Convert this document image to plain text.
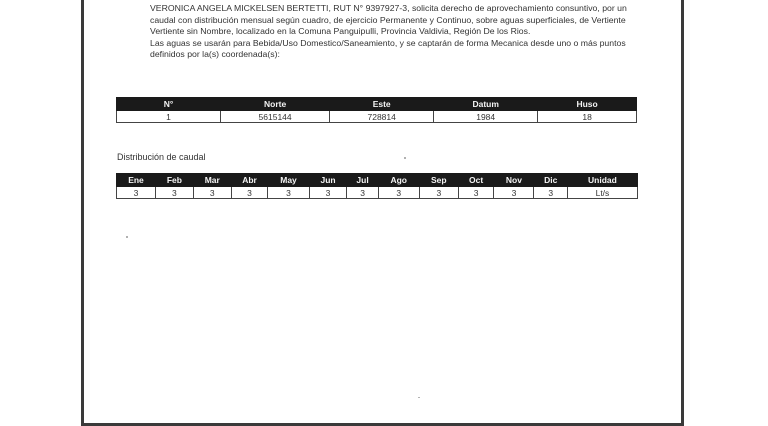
VERONICA ANGELA MICKELSEN BERTETTI, RUT N° 9397927-3, solicita derecho de aprovechamiento consuntivo, por un caudal con distribución mensual según cuadro, de ejercicio Permanente y Continuo, sobre aguas superficiales, de Vertiente Vertiente sin Nombre, localizado en la Comuna Panguipulli, Provincia Valdivia, Región De los Rios.

Las aguas se usarán para Bebida/Uso Domestico/Saneamiento, y se captarán de forma Mecanica desde uno o más puntos definidos por la(s) coordenada(s):

N°	Norte	Este	Datum	Huso
1	5615144	728814	1984	18
Distribución de caudal
Ene	Feb	Mar	Abr	May	Jun	Jul	Ago	Sep	Oct	Nov	Dic	Unidad
3	3	3	3	3	3	3	3	3	3	3	3	Lt/s
